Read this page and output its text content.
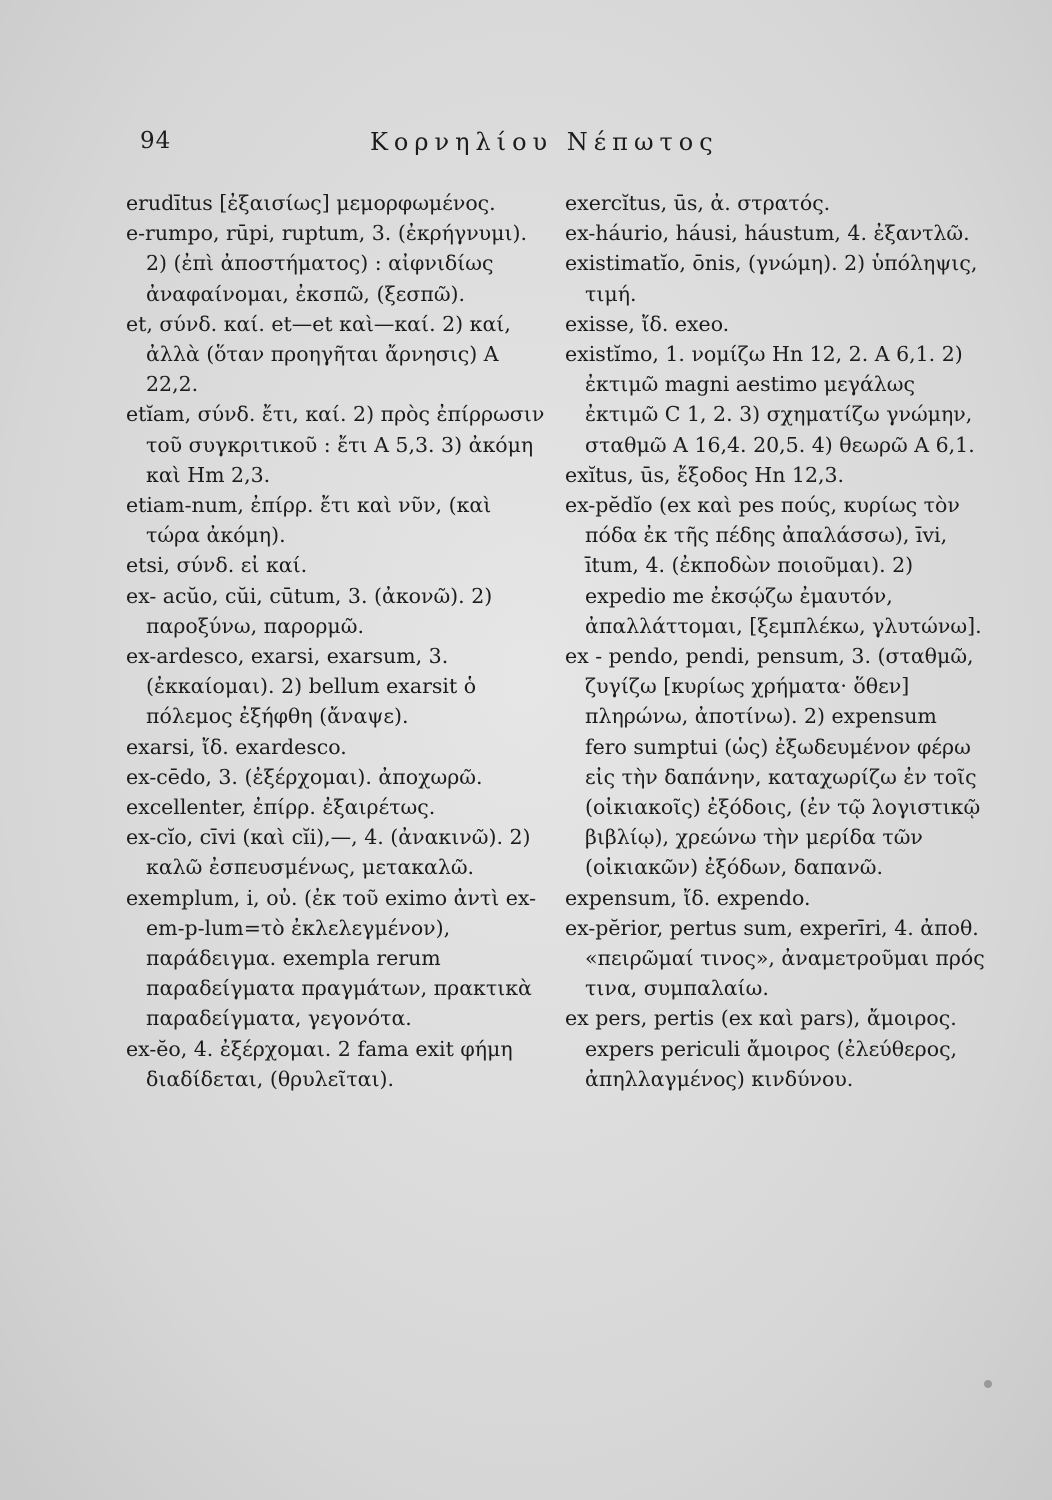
94	Κορνηλίου Νέπωτος

erudītus [ἐξαισίως] μεμορφωμένος.

e-rumpo, rūpi, ruptum, 3. (ἐκρήγνυμι). 2) (ἐπὶ ἀποστήματος) : αἰφνιδίως ἀναφαίνομαι, ἐκσπῶ, (ξεσπῶ).

et, σύνδ. καί. et—et καὶ—καί. 2) καί, ἀλλὰ (ὅταν προηγῆται ἄρνησις) A 22,2.

etĭam, σύνδ. ἔτι, καί. 2) πρὸς ἐπίρρωσιν τοῦ συγκριτικοῦ : ἔτι A 5,3. 3) ἀκόμη καὶ Hm 2,3.

etiam-num, ἐπίρρ. ἔτι καὶ νῦν, (καὶ τώρα ἀκόμη).

etsi, σύνδ. εἰ καί.

ex- acŭo, cŭi, cūtum, 3. (ἀκονῶ). 2) παροξύνω, παρορμῶ.

ex-ardesco, exarsi, exarsum, 3. (ἐκκαίομαι). 2) bellum exarsit ὁ πόλεμος ἐξήφθη (ἄναψε).

exarsi, ἴδ. exardesco.

ex-cēdo, 3. (ἐξέρχομαι). ἀποχωρῶ.

excellenter, ἐπίρρ. ἐξαιρέτως.

ex-cĭo, cīvi (καὶ cĭi),—, 4. (ἀνακινῶ). 2) καλῶ ἐσπευσμένως, μετακαλῶ.

exemplum, i, οὐ. (ἐκ τοῦ eximo ἀντὶ ex-em-p-lum=τὸ ἐκλελεγμένον), παράδειγμα. exempla rerum παραδείγματα πραγμάτων, πρακτικὰ παραδείγματα, γεγονότα.

ex-ĕo, 4. ἐξέρχομαι. 2 fama exit φήμη διαδίδεται, (θρυλεῖται).

exercĭtus, ūs, ἀ. στρατός.

ex-háurio, háusi, háustum, 4. ἐξαντλῶ.

existimatĭo, ōnis, (γνώμη). 2) ὑπόληψις, τιμή.

exisse, ἴδ. exeo.

existĭmo, 1. νομίζω Hn 12, 2. A 6,1. 2) ἐκτιμῶ magni aestimo μεγάλως ἐκτιμῶ C 1, 2. 3) σχηματίζω γνώμην, σταθμῶ A 16,4. 20,5. 4) θεωρῶ A 6,1.

exĭtus, ūs, ἔξοδος Hn 12,3.

ex-pĕdĭo (ex καὶ pes πούς, κυρίως τὸν πόδα ἐκ τῆς πέδης ἀπαλάσσω), īvi, ītum, 4. (ἐκποδὼν ποιοῦμαι). 2) expedio me ἐκσῴζω ἐμαυτόν, ἀπαλλάττομαι, [ξεμπλέκω, γλυτώνω].

ex - pendo, pendi, pensum, 3. (σταθμῶ, ζυγίζω [κυρίως χρήματα· ὅθεν] πληρώνω, ἀποτίνω). 2) expensum fero sumptui (ὡς) ἐξωδευμένον φέρω εἰς τὴν δαπάνην, καταχωρίζω ἐν τοῖς (οἰκιακοῖς) ἐξόδοις, (ἐν τῷ λογιστικῷ βιβλίῳ), χρεώνω τὴν μερίδα τῶν (οἰκιακῶν) ἐξόδων, δαπανῶ.

expensum, ἴδ. expendo.

ex-pĕrior, pertus sum, experīri, 4. ἀποθ. «πειρῶμαί τινος», ἀναμετροῦμαι πρός τινα, συμπαλαίω.

ex pers, pertis (ex καὶ pars), ἄμοιρος. expers periculi ἄμοιρος (ἐλεύθερος, ἀπηλλαγμένος) κινδύνου.
